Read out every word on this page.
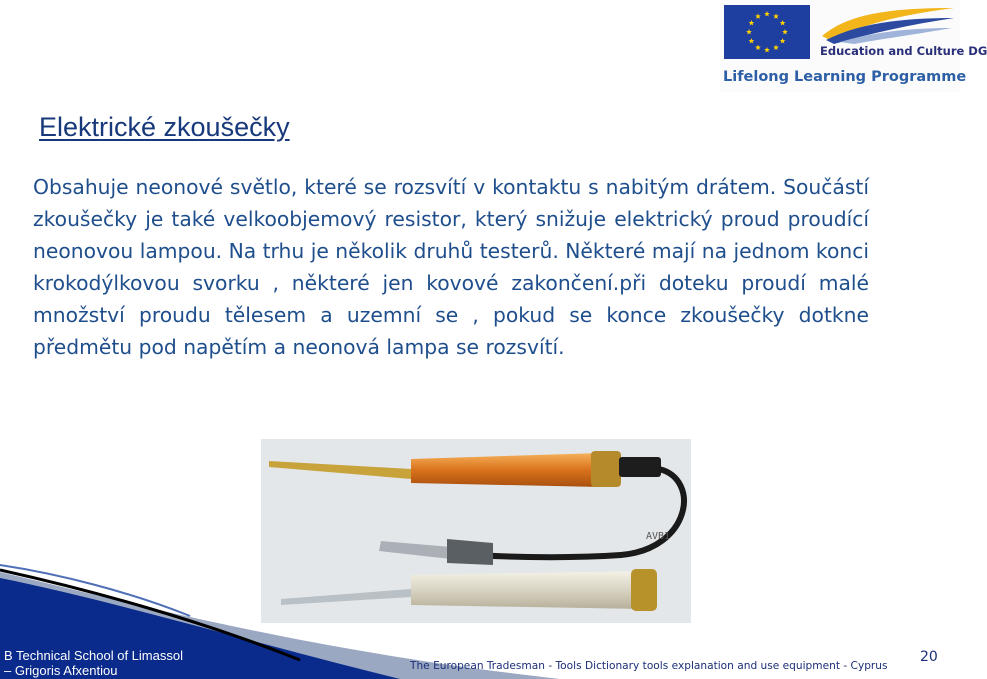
Education and Culture DG
Lifelong Learning Programme
Elektrické zkoušečky
Obsahuje neonové světlo, které se rozsvítí v kontaktu s nabitým drátem. Součástí zkoušečky je také velkoobjemový resistor, který snižuje elektrický proud proudící neonovou lampou. Na trhu je několik druhů testerů. Některé mají na jednom konci krokodýlkovou svorku , některé jen kovové zakončení.při doteku proudí malé množství proudu tělesem a uzemní se , pokud se konce zkoušečky dotkne předmětu pod napětím a neonová lampa se rozsvítí.
AVB1
B Technical School of Limassol
– Grigoris Afxentiou	The European Tradesman - Tools Dictionary tools explanation and use equipment - Cyprus
20
